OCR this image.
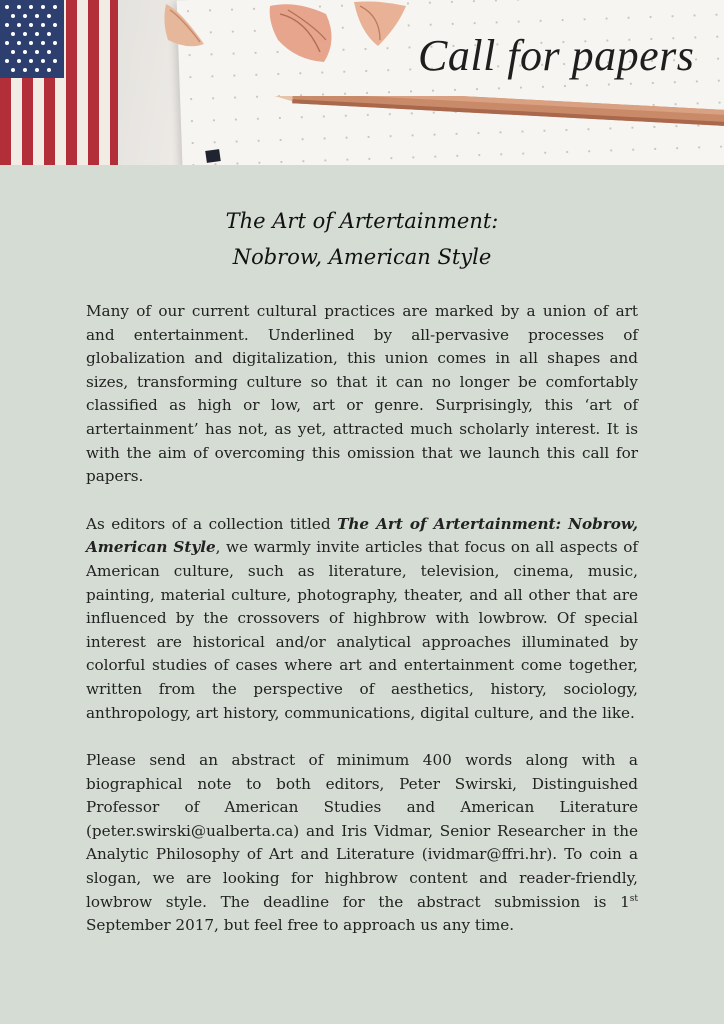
Call for papers
The Art of Artertainment:
Nobrow, American Style

Many of our current cultural practices are marked by a union of art and entertainment. Underlined by all-pervasive processes of globalization and digitalization, this union comes in all shapes and sizes, transforming culture so that it can no longer be comfortably classified as high or low, art or genre. Surprisingly, this ‘art of artertainment’ has not, as yet, attracted much scholarly interest. It is with the aim of overcoming this omission that we launch this call for papers.

As editors of a collection titled The Art of Artertainment: Nobrow, American Style, we warmly invite articles that focus on all aspects of American culture, such as literature, television, cinema, music, painting, material culture, photography, theater, and all other that are influenced by the crossovers of highbrow with lowbrow. Of special interest are historical and/or analytical approaches illuminated by colorful studies of cases where art and entertainment come together, written from the perspective of aesthetics, history, sociology, anthropology, art history, communications, digital culture, and the like.

Please send an abstract of minimum 400 words along with a biographical note to both editors, Peter Swirski, Distinguished Professor of American Studies and American Literature (peter.swirski@ualberta.ca) and Iris Vidmar, Senior Researcher in the Analytic Philosophy of Art and Literature (ividmar@ffri.hr). To coin a slogan, we are looking for highbrow content and reader-friendly, lowbrow style. The deadline for the abstract submission is 1st September 2017, but feel free to approach us any time.
